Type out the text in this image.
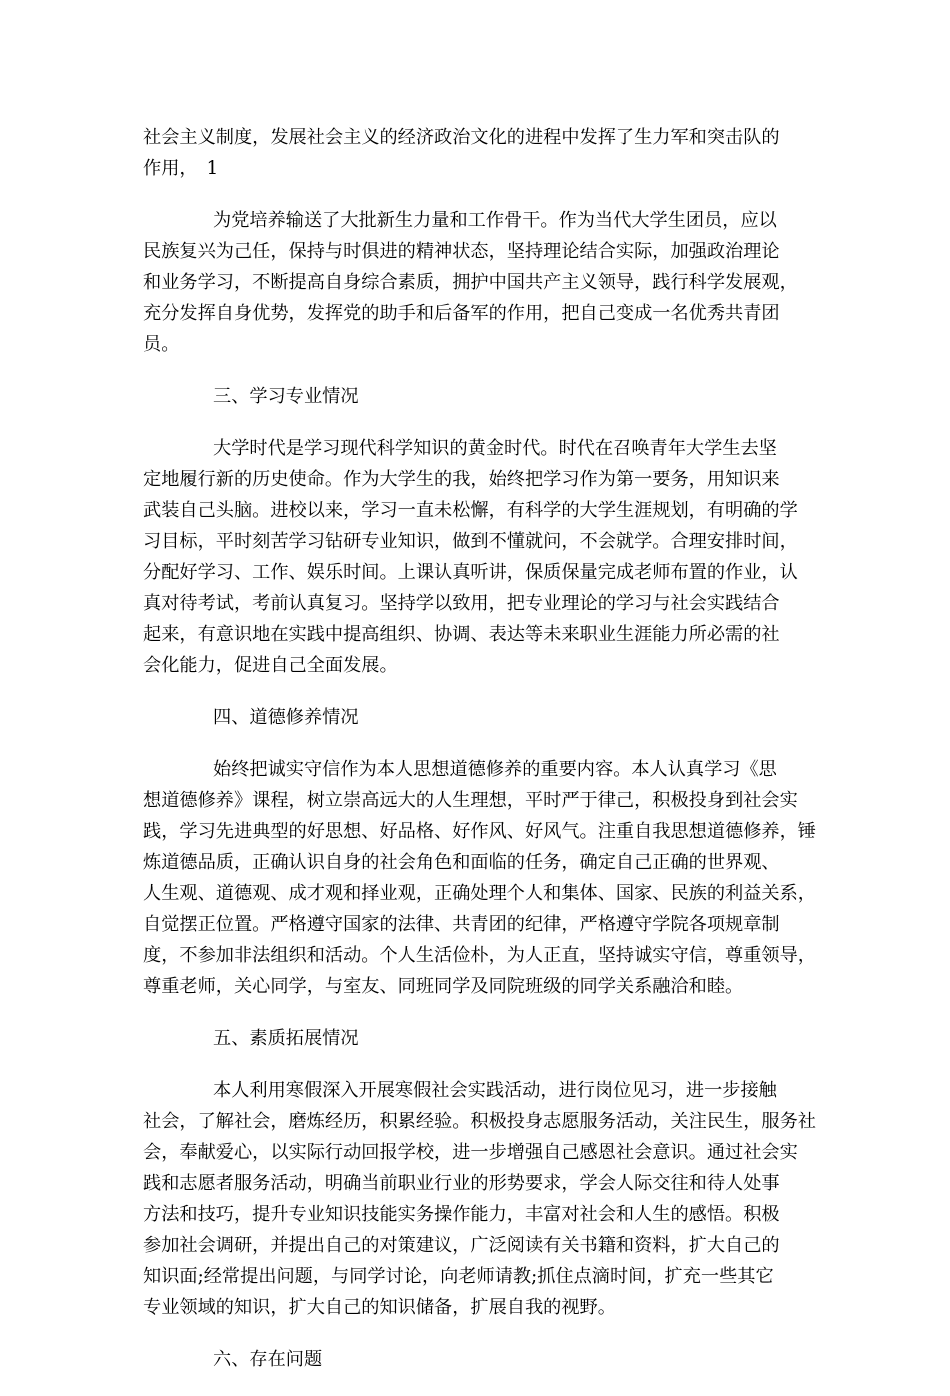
社会主义制度，发展社会主义的经济政治文化的进程中发挥了生力军和突击队的
作用，　1
为党培养输送了大批新生力量和工作骨干。作为当代大学生团员，应以
民族复兴为己任，保持与时俱进的精神状态，坚持理论结合实际，加强政治理论
和业务学习，不断提高自身综合素质，拥护中国共产主义领导，践行科学发展观，
充分发挥自身优势，发挥党的助手和后备军的作用，把自己变成一名优秀共青团
员。
三、学习专业情况
大学时代是学习现代科学知识的黄金时代。时代在召唤青年大学生去坚
定地履行新的历史使命。作为大学生的我，始终把学习作为第一要务，用知识来
武装自己头脑。进校以来，学习一直未松懈，有科学的大学生涯规划，有明确的学
习目标，平时刻苦学习钻研专业知识，做到不懂就问，不会就学。合理安排时间，
分配好学习、工作、娱乐时间。上课认真听讲，保质保量完成老师布置的作业，认
真对待考试，考前认真复习。坚持学以致用，把专业理论的学习与社会实践结合
起来，有意识地在实践中提高组织、协调、表达等未来职业生涯能力所必需的社
会化能力，促进自己全面发展。
四、道德修养情况
始终把诚实守信作为本人思想道德修养的重要内容。本人认真学习《思
想道德修养》课程，树立崇高远大的人生理想，平时严于律己，积极投身到社会实
践，学习先进典型的好思想、好品格、好作风、好风气。注重自我思想道德修养，锤
炼道德品质，正确认识自身的社会角色和面临的任务，确定自己正确的世界观、
人生观、道德观、成才观和择业观，正确处理个人和集体、国家、民族的利益关系，
自觉摆正位置。严格遵守国家的法律、共青团的纪律，严格遵守学院各项规章制
度，不参加非法组织和活动。个人生活俭朴，为人正直，坚持诚实守信，尊重领导，
尊重老师，关心同学，与室友、同班同学及同院班级的同学关系融洽和睦。
五、素质拓展情况
本人利用寒假深入开展寒假社会实践活动，进行岗位见习，进一步接触
社会，了解社会，磨炼经历，积累经验。积极投身志愿服务活动，关注民生，服务社
会，奉献爱心，以实际行动回报学校，进一步增强自己感恩社会意识。通过社会实
践和志愿者服务活动，明确当前职业行业的形势要求，学会人际交往和待人处事
方法和技巧，提升专业知识技能实务操作能力，丰富对社会和人生的感悟。积极
参加社会调研，并提出自己的对策建议，广泛阅读有关书籍和资料，扩大自己的
知识面;经常提出问题，与同学讨论，向老师请教;抓住点滴时间，扩充一些其它
专业领域的知识，扩大自己的知识储备，扩展自我的视野。
六、存在问题
